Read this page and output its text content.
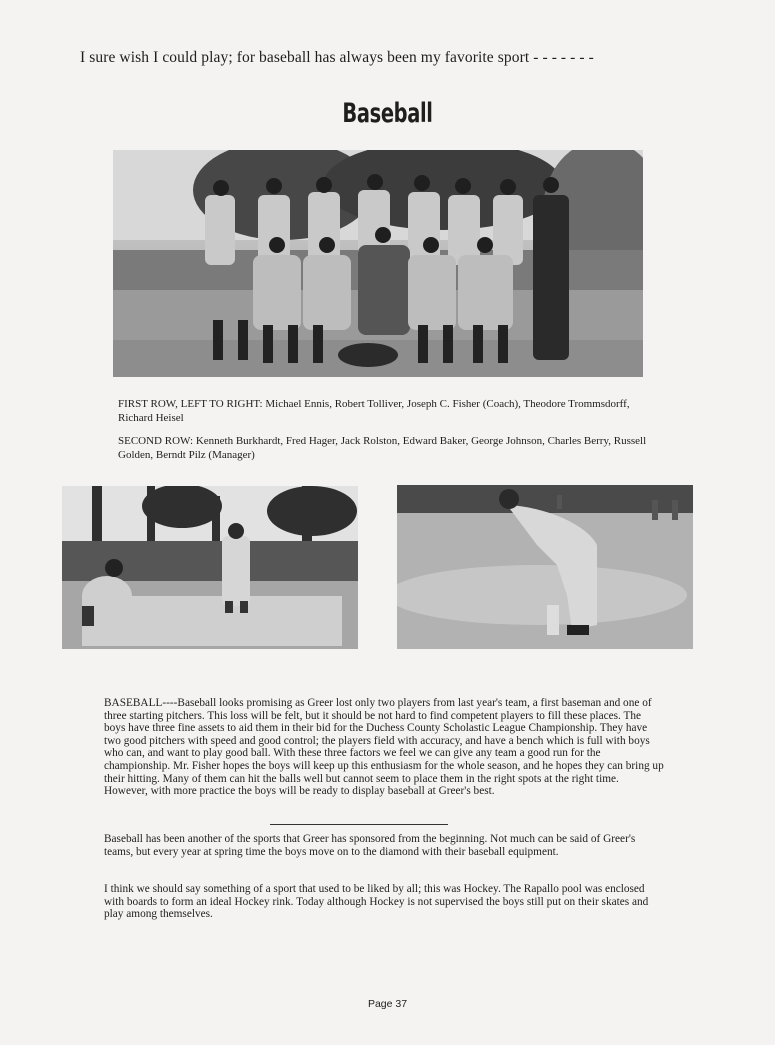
I sure wish I could play; for baseball has always been my favorite sport - - - - - - -
Baseball

FIRST ROW, LEFT TO RIGHT: Michael Ennis, Robert Tolliver, Joseph C. Fisher (Coach), Theodore Trommsdorff, Richard Heisel

SECOND ROW: Kenneth Burkhardt, Fred Hager, Jack Rolston, Edward Baker, George Johnson, Charles Berry, Russell Golden, Berndt Pilz (Manager)

BASEBALL----Baseball looks promising as Greer lost only two players from last year's team, a first baseman and one of three starting pitchers. This loss will be felt, but it should be not hard to find competent players to fill these places. The boys have three fine assets to aid them in their bid for the Duchess County Scholastic League Championship. They have two good pitchers with speed and good control; the players field with accuracy, and have a bench which is full with boys who can, and want to play good ball. With these three factors we feel we can give any team a good run for the championship. Mr. Fisher hopes the boys will keep up this enthusiasm for the whole season, and he hopes they can bring up their hitting. Many of them can hit the balls well but cannot seem to place them in the right spots at the right time. However, with more practice the boys will be ready to display baseball at Greer's best.

Baseball has been another of the sports that Greer has sponsored from the beginning. Not much can be said of Greer's teams, but every year at spring time the boys move on to the diamond with their baseball equipment.

I think we should say something of a sport that used to be liked by all; this was Hockey. The Rapallo pool was enclosed with boards to form an ideal Hockey rink. Today although Hockey is not supervised the boys still put on their skates and play among themselves.

Page 37
